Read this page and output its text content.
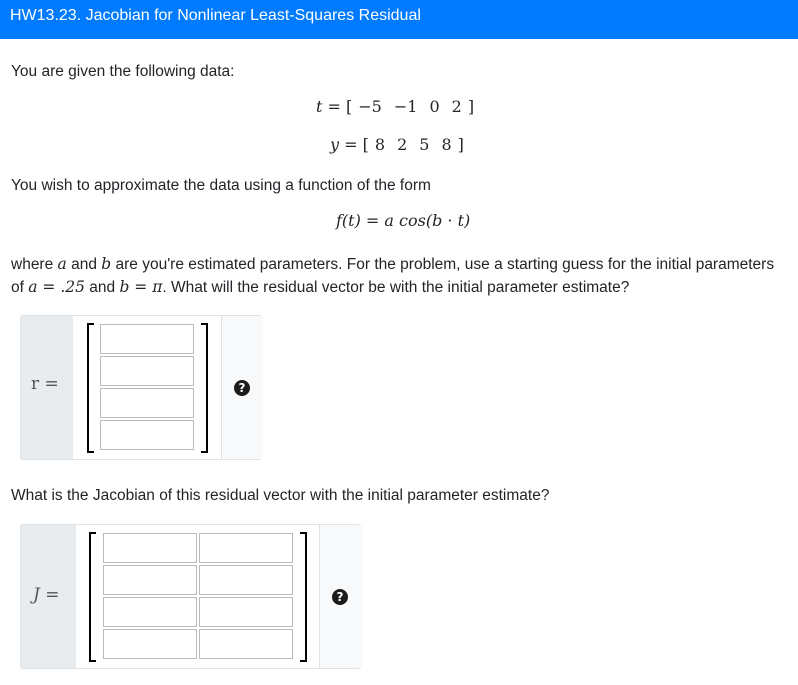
HW13.23. Jacobian for Nonlinear Least-Squares Residual
You are given the following data:
t = [ −5 −1 0 2 ]
y = [ 8 2 5 8 ]
You wish to approximate the data using a function of the form
f(t) = a cos(b · t)
where a and b are you're estimated parameters. For the problem, use a starting guess for the initial parameters
of a = .25 and b = π. What will the residual vector be with the initial parameter estimate?
r =	?
What is the Jacobian of this residual vector with the initial parameter estimate?
J =	?
